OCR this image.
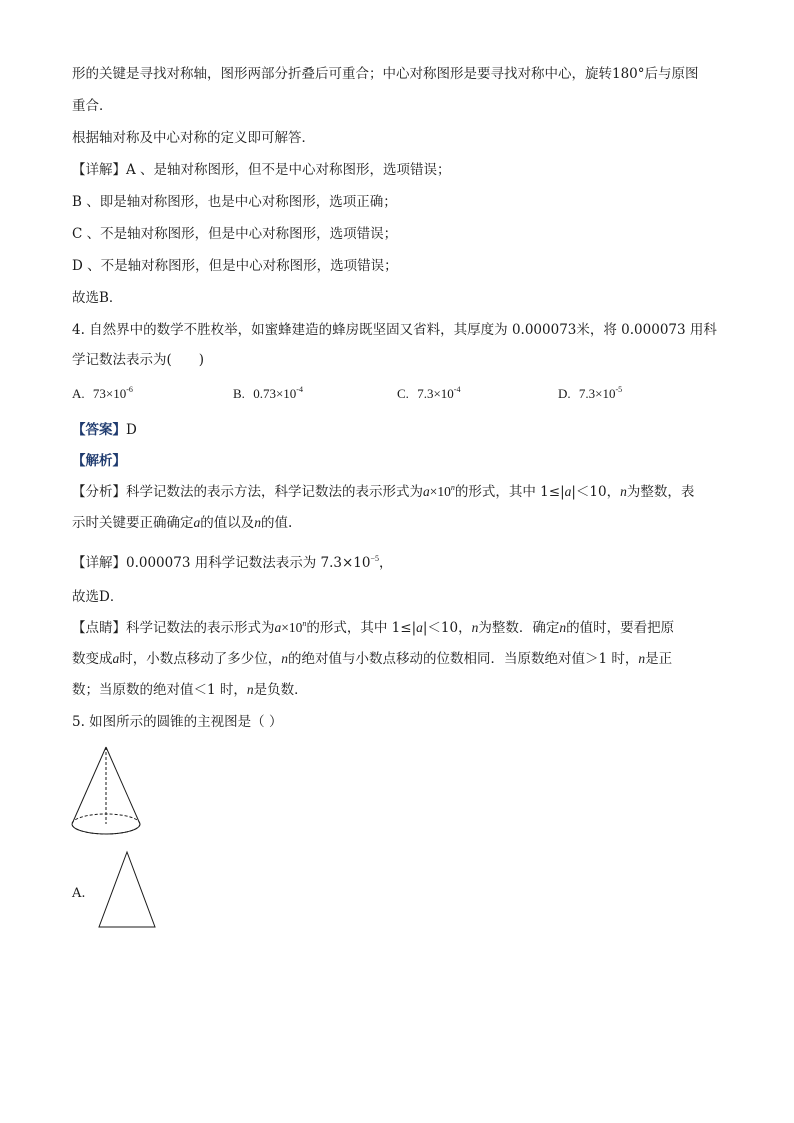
形的关键是寻找对称轴，图形两部分折叠后可重合；中心对称图形是要寻找对称中心，旋转180°后与原图
重合．
根据轴对称及中心对称的定义即可解答．
【详解】A 、是轴对称图形，但不是中心对称图形，选项错误；
B 、即是轴对称图形，也是中心对称图形，选项正确；
C 、不是轴对称图形，但是中心对称图形，选项错误；
D 、不是轴对称图形，但是中心对称图形，选项错误；
故选B．
4. 自然界中的数学不胜枚举，如蜜蜂建造的蜂房既坚固又省料，其厚度为 0.000073米，将 0.000073 用科
学记数法表示为(　　)
A. $73\times 10^{-6}$	B. $0.73\times 10^{-4}$	C. $7.3\times 10^{-4}$	D. $7.3\times 10^{-5}$
【答案】D
【解析】
【分析】科学记数法的表示方法，科学记数法的表示形式为$a\times 10^n$的形式，其中 1≤|a|＜10，n为整数，表
示时关键要正确确定a的值以及n的值.
【详解】0.000073 用科学记数法表示为 $7.3\times 10^{-5}$，
故选D．
【点睛】科学记数法的表示形式为$a\times 10^n$的形式，其中 1≤|a|＜10，n为整数．确定n的值时，要看把原
数变成a时，小数点移动了多少位，n的绝对值与小数点移动的位数相同．当原数绝对值＞1 时，n是正
数；当原数的绝对值＜1 时，n是负数．
5. 如图所示的圆锥的主视图是（ ）
A.
